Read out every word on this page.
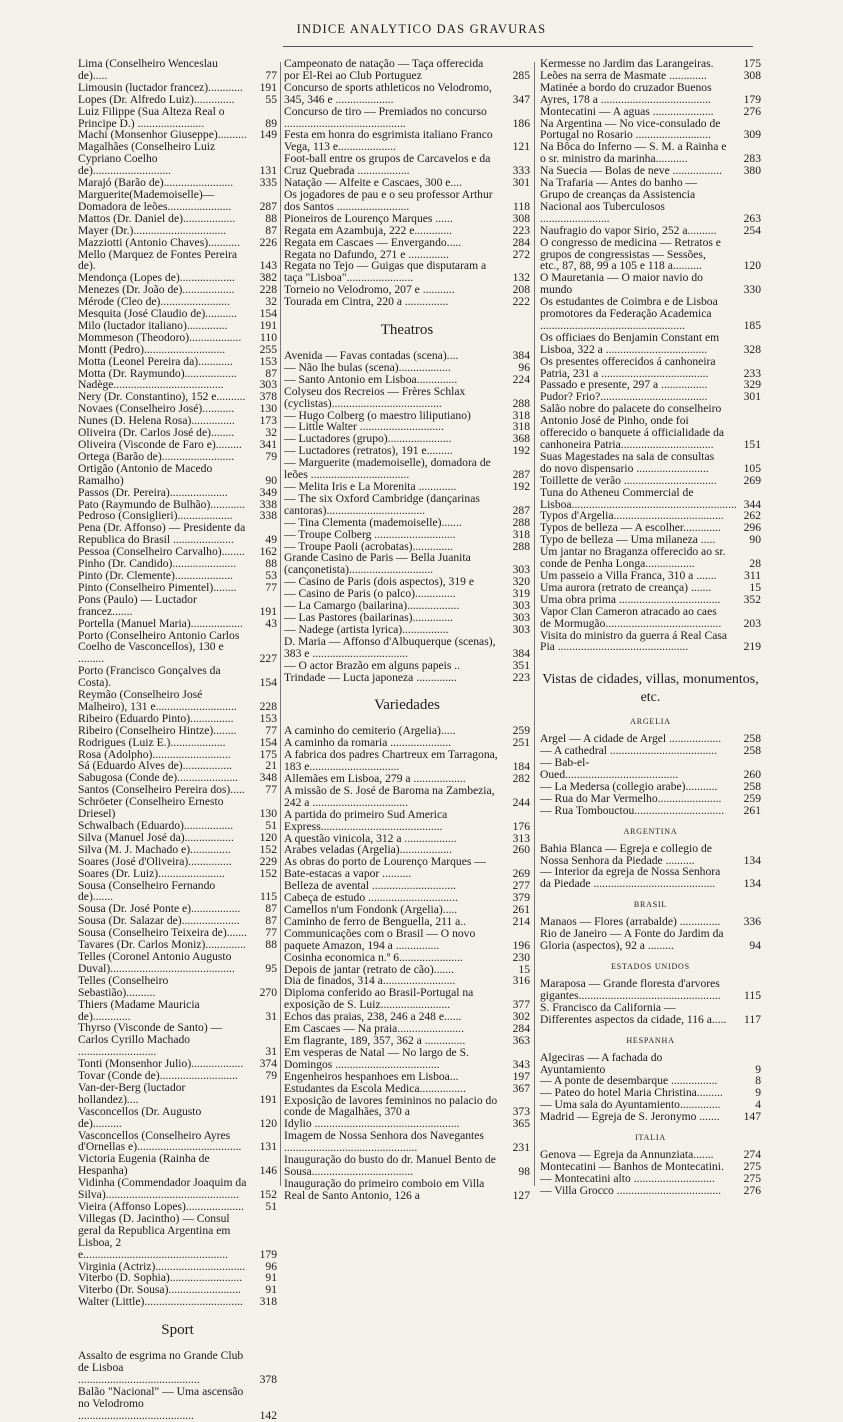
INDICE ANALYTICO DAS GRAVURAS
Lima (Conselheiro Wenceslau de).....	77
Limousin (luctador francez)............	191
Lopes (Dr. Alfredo Luiz)..............	55
Luiz Filippe (Sua Alteza Real o Principe D.) .......................	89
Machi (Monsenhor Giuseppe)..........	149
Magalhães (Conselheiro Luiz Cypriano Coelho de)...........................	131
Marajó (Barão de)........................	335
Marguerite(Mademoiselle)—Domadora de leões......................	287
Mattos (Dr. Daniel de)..................	88
Mayer (Dr.)................................	87
Mazziotti (Antonio Chaves)...........	226
Mello (Marquez de Fontes Pereira de).	143
Mendonça (Lopes de)...................	382
Menezes (Dr. João de)..................	228
Mérode (Cleo de)........................	32
Mesquita (José Claudio de)...........	154
Milo (luctador italiano)..............	191
Mommeson (Theodoro)..................	110
Montt (Pedro)............................	255
Motta (Leonel Pereira da)............	153
Motta (Dr. Raymundo)..................	87
Nadège......................................	303
Nery (Dr. Constantino), 152 e..........	378
Novaes (Conselheiro José)...........	130
Nunes (D. Helena Rosa)...............	173
Oliveira (Dr. Carlos José de)........	32
Oliveira (Visconde de Faro e).........	341
Ortega (Barão de).........................	79
Ortigão (Antonio de Macedo Ramalho)	90
Passos (Dr. Pereira)....................	349
Pato (Raymundo de Bulhão)............	338
Pedroso (Consiglieri)...................	338
Pena (Dr. Affonso) — Presidente da Republica do Brasil .....................	49
Pessoa (Conselheiro Carvalho)........	162
Pinho (Dr. Candido)......................	88
Pinto (Dr. Clemente)....................	53
Pinto (Conselheiro Pimentel)........	77
Pons (Paulo) — Luctador francez.......	191
Portella (Manuel Maria)..................	43
Porto (Conselheiro Antonio Carlos Coelho de Vasconcellos), 130 e .........	227
Porto (Francisco Gonçalves da Costa).	154
Reymão (Conselheiro José Malheiro), 131 e............................	228
Ribeiro (Eduardo Pinto)...............	153
Ribeiro (Conselheiro Hintze)........	77
Rodrigues (Luiz E.)...................	154
Rosa (Adolpho)...........................	175
Sá (Eduardo Alves de).................	21
Sabugosa (Conde de).....................	348
Santos (Conselheiro Pereira dos).....	77
Schröeter (Conselheiro Ernesto Driesel)	130
Schwalbach (Eduardo).................	51
Silva (Manuel José da).................	120
Silva (M. J. Machado e)..............	152
Soares (José d'Oliveira)...............	229
Soares (Dr. Luiz).......................	152
Sousa (Conselheiro Fernando de).......	115
Sousa (Dr. José Ponte e).................	87
Sousa (Dr. Salazar de)....................	87
Sousa (Conselheiro Teixeira de).......	77
Tavares (Dr. Carlos Moniz)..............	88
Telles (Coronel Antonio Augusto Duval)...........................................	95
Telles (Conselheiro Sebastião)..........	270
Thiers (Madame Mauricia de).............	31
Thyrso (Visconde de Santo) — Carlos Cyrillo Machado ...........................	31
Tonti (Monsenhor Julio)..................	374
Tovar (Conde de)...........................	79
Van-der-Berg (luctador hollandez)....	191
Vasconcellos (Dr. Augusto de)..........	120
Vasconcellos (Conselheiro Ayres d'Ornellas e)....................................	131
Victoria Eugenia (Rainha de Hespanha)	146
Vidinha (Commendador Joaquim da Silva)..............................................	152
Vieira (Affonso Lopes)....................	51
Villegas (D. Jacintho) — Consul geral da Republica Argentina em Lisboa, 2 e..................................................	179
Virginia (Actriz)...............................	96
Viterbo (D. Sophia).........................	91
Viterbo (Dr. Sousa).........................	91
Walter (Little)..................................	318
Sport
Assalto de esgrima no Grande Club de Lisboa ..........................................	378
Balão "Nacional" — Uma ascensão no Velodromo ........................................	142
Campeonato de natação — Taça offerecida por El-Rei ao Club Portuguez	285
Concurso de sports athleticos no Velodromo, 345, 346 e ....................	347
Concurso de tiro — Premiados no concurso ..........................................	186
Festa em honra do esgrimista italiano Franco Vega, 113 e....................	121
Foot-ball entre os grupos de Carcavelos e da Cruz Quebrada ..................	333
Natação — Alfeite e Cascaes, 300 e....	301
Os jogadores de pau e o seu professor Arthur dos Santos .........................	118
Pioneiros de Lourenço Marques ......	308
Regata em Azambuja, 222 e.............	223
Regata em Cascaes — Envergando.....	284
Regata no Dafundo, 271 e ..............	272
Regata no Tejo — Guigas que disputaram a taça "Lisboa".......................	132
Torneio no Velodromo, 207 e ...........	208
Tourada em Cintra, 220 a ...............	222
Theatros
Avenida — Favas contadas (scena)....	384
— Não lhe bulas (scena)..................	96
— Santo Antonio em Lisboa..............	224
Colyseu dos Recreios — Frères Schlax (cyclistas)......................................	288
— Hugo Colberg (o maestro liliputiano)	318
— Little Walter .............................	318
— Luctadores (grupo)......................	368
— Luctadores (retratos), 191 e.........	192
— Marguerite (mademoiselle), domadora de leões ..................................	287
— Melita Iris e La Morenita .............	192
— The six Oxford Cambridge (dançarinas cantoras)..................................	287
— Tina Clementa (mademoiselle).......	288
— Troupe Colberg ............................	318
— Troupe Paoli (acrobatas)..............	288
Grande Casino de Paris — Bella Juanita (cançonetista).............................	303
— Casino de Paris (dois aspectos), 319 e	320
— Casino de Paris (o palco)..............	319
— La Camargo (bailarina)..................	303
— Las Pastores (bailarinas)..............	303
— Nadege (artista lyrica)................	303
D. Maria — Affonso d'Albuquerque (scenas), 383 e .................................	384
— O actor Brazão em alguns papeis ..	351
Trindade — Lucta japoneza ..............	223
Variedades
A caminho do cemiterio (Argelia).....	259
A caminho da romaria .....................	251
A fabrica dos padres Chartreux em Tarragona, 183 e...............................	184
Allemães em Lisboa, 279 a ..................	282
A missão de S. José de Baroma na Zambezia, 242 a .................................	244
A partida do primeiro Sud America Express..........................................	176
A questão vinicola, 312 a ..................	313
Arabes veladas (Argelia)..................	260
As obras do porto de Lourenço Marques — Bate-estacas a vapor ..........	269
Belleza de avental .............................	277
Cabeça de estudo ...............................	379
Camellos n'um Fondonk (Argelia).....	261
Caminho de ferro de Benguella, 211 a..	214
Communicações com o Brasil — O novo paquete Amazon, 194 a ...............	196
Cosinha economica n.º 6......................	230
Depois de jantar (retrato de cão).......	15
Dia de finados, 314 a.........................	316
Diploma conferido ao Brasil-Portugal na exposição de S. Luiz........................	377
Echos das praias, 238, 246 a 248 e......	302
Em Cascaes — Na praia.......................	284
Em flagrante, 189, 357, 362 a ..............	363
Em vesperas de Natal — No largo de S. Domingos ....................................	343
Engenheiros hespanhoes em Lisboa...	197
Estudantes da Escola Medica................	367
Exposição de lavores femininos no palacio do conde de Magalhães, 370 a	373
Idylio ..................................................	365
Imagem de Nossa Senhora dos Navegantes ..............................................	231
Inauguração do busto do dr. Manuel Bento de Sousa...................................	98
Inauguração do primeiro comboio em Villa Real de Santo Antonio, 126 a	127
Kermesse no Jardim das Larangeiras.	175
Leões na serra de Masmate .............	308
Matinée a bordo do cruzador Buenos Ayres, 178 a ......................................	179
Montecatini — A aguas .....................	276
Na Argentina — No vice-consulado de Portugal no Rosario ..........................	309
Na Bôca do Inferno — S. M. a Rainha e o sr. ministro da marinha...........	283
Na Suecia — Bolas de neve .................	380
Na Trafaria — Antes do banho — Grupo de creanças da Assistencia Nacional aos Tuberculosos ........................	263
Naufragio do vapor Sirio, 252 a..........	254
O congresso de medicina — Retratos e grupos de congressistas — Sessões, etc., 87, 88, 99 a 105 e 118 a..........	120
O Mauretania — O maior navio do mundo	330
Os estudantes de Coimbra e de Lisboa promotores da Federação Academica ..................................................	185
Os officiaes do Benjamin Constant em Lisboa, 322 a ...................................	328
Os presentes offerecidos á canhoneira Patria, 231 a .....................................	233
Passado e presente, 297 a ................	329
Pudor? Frio?.....................................	301
Salão nobre do palacete do conselheiro Antonio José de Pinho, onde foi offerecido o banquete á officialidade da canhoneira Patria................................	151
Suas Magestades na sala de consultas do novo dispensario .........................	105
Toillette de verão ................................	269
Tuna do Atheneu Commercial de Lisboa......................................................... 344
Typos d'Argelia......................................	262
Typos de belleza — A escolher.............	296
Typo de belleza — Uma milaneza .....	90
Um jantar no Braganza offerecido ao sr. conde de Penha Longa.................	28
Um passeio a Villa Franca, 310 a .......	311
Uma aurora (retrato de creança) .......	15
Uma obra prima ...................................	352
Vapor Clan Cameron atracado ao caes de Mormugão........................................	203
Visita do ministro da guerra á Real Casa Pia .............................................	219
Vistas de cidades, villas, monumentos, etc.
ARGELIA
Argel — A cidade de Argel ..................	258
— A cathedral .....................................	258
— Bab-el-Oued.......................................	260
— La Medersa (collegio arabe)...........	258
— Rua do Mar Vermelho......................	259
— Rua Tombouctou...............................	261
ARGENTINA
Bahia Blanca — Egreja e collegio de Nossa Senhora da Piedade ..........	134
— Interior da egreja de Nossa Senhora da Piedade ..........................................	134
BRASIL
Manaos — Flores (arrabalde) ..............	336
Rio de Janeiro — A Fonte do Jardim da Gloria (aspectos), 92 a .........	94
ESTADOS UNIDOS
Maraposa — Grande floresta d'arvores gigantes.................................................	115
S. Francisco da California — Differentes aspectos da cidade, 116 a.....	117
HESPANHA
Algeciras — A fachada do Ayuntamiento	9
— A ponte de desembarque ................	8
— Pateo do hotel Maria Christina.........	9
— Uma sala do Ayuntamiento..............	4
Madrid — Egreja de S. Jeronymo .......	147
ITALIA
Genova — Egreja da Annunziata.......	274
Montecatini — Banhos de Montecatini.	275
— Montecatini alto ............................	275
— Villa Grocco ....................................	276
